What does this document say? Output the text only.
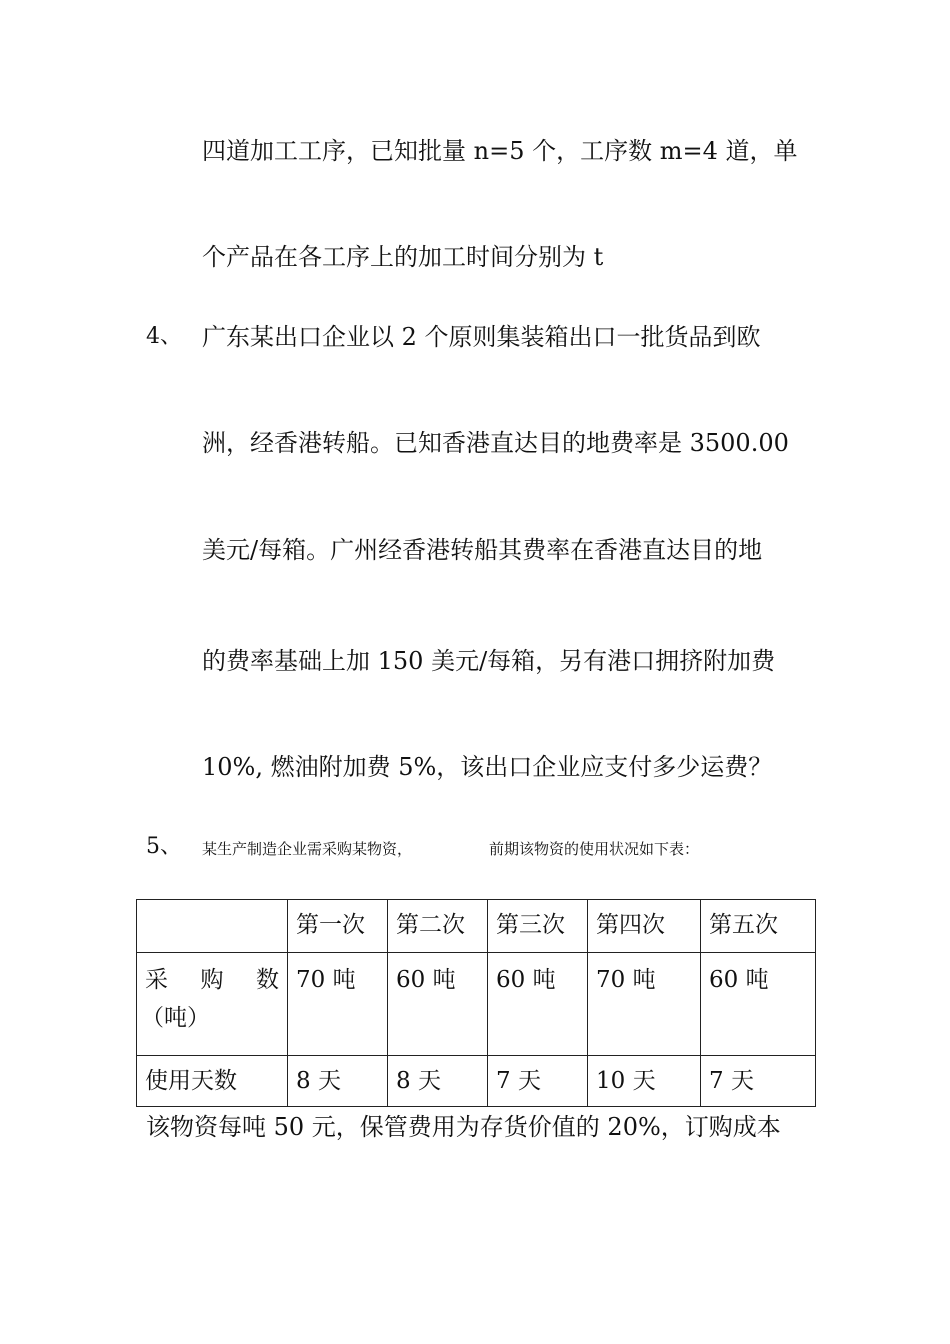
四道加工工序，已知批量 n=5 个，工序数 m=4 道，单
个产品在各工序上的加工时间分别为 t
4、 广东某出口企业以 2 个原则集装箱出口一批货品到欧
洲，经香港转船。已知香港直达目的地费率是 3500.00
美元/每箱。广州经香港转船其费率在香港直达目的地
的费率基础上加 150 美元/每箱，另有港口拥挤附加费
10%, 燃油附加费 5%，该出口企业应支付多少运费？
5、 某生产制造企业需采购某物资，	前期该物资的使用状况如下表：
	第一次	第二次	第三次	第四次	第五次

采 购 数
（吨）	70 吨	60 吨	60 吨	70 吨	60 吨
使用天数	8 天	8 天	7 天	10 天	7 天
该物资每吨 50 元，保管费用为存货价值的 20%，订购成本
